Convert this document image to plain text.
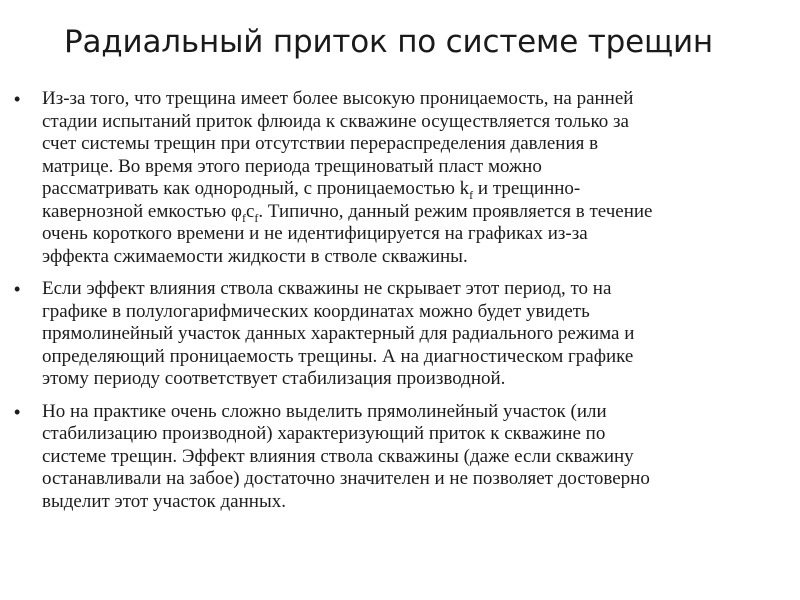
Радиальный приток по системе трещин
• Из-за того, что трещина имеет более высокую проницаемость, на ранней
стадии испытаний приток флюида к скважине осуществляется только за
счет системы трещин при отсутствии перераспределения давления в
матрице. Во время этого периода трещиноватый пласт можно
рассматривать как однородный, с проницаемостью $k_f$ и трещинно-
кавернозной емкостью $\varphi_fc_f$. Типично, данный режим проявляется в течение
очень короткого времени и не идентифицируется на графиках из-за
эффекта сжимаемости жидкости в стволе скважины.
• Если эффект влияния ствола скважины не скрывает этот период, то на
графике в полулогарифмических координатах можно будет увидеть
прямолинейный участок данных характерный для радиального режима и
определяющий проницаемость трещины. А на диагностическом графике
этому периоду соответствует стабилизация производной.
• Но на практике очень сложно выделить прямолинейный участок (или
стабилизацию производной) характеризующий приток к скважине по
системе трещин. Эффект влияния ствола скважины (даже если скважину
останавливали на забое) достаточно значителен и не позволяет достоверно
выделит этот участок данных.
